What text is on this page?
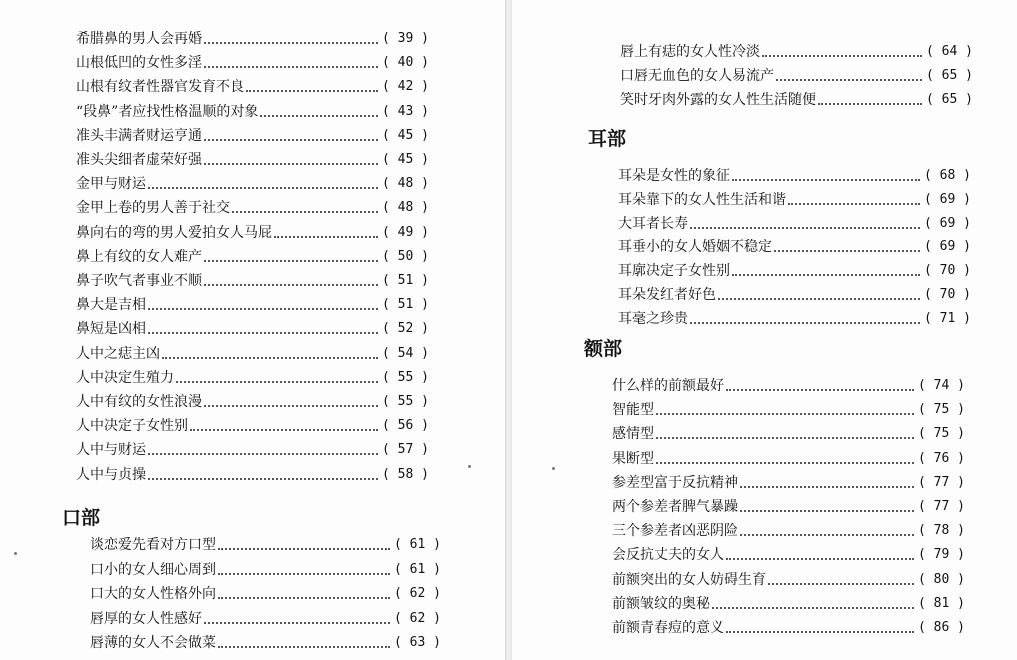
希腊鼻的男人会再婚	( 39 )
山根低凹的女性多淫	( 40 )
山根有纹者性器官发育不良	( 42 )
“段鼻”者应找性格温顺的对象	( 43 )
准头丰满者财运亨通	( 45 )
准头尖细者虚荣好强	( 45 )
金甲与财运	( 48 )
金甲上卷的男人善于社交	( 48 )
鼻向右的弯的男人爱拍女人马屁	( 49 )
鼻上有纹的女人难产	( 50 )
鼻子吹气者事业不顺	( 51 )
鼻大是吉相	( 51 )
鼻短是凶相	( 52 )
人中之痣主凶	( 54 )
人中决定生殖力	( 55 )
人中有纹的女性浪漫	( 55 )
人中决定子女性别	( 56 )
人中与财运	( 57 )
人中与贞操	( 58 )
口部
谈恋爱先看对方口型	( 61 )
口小的女人细心周到	( 61 )
口大的女人性格外向	( 62 )
唇厚的女人性感好	( 62 )
唇薄的女人不会做菜	( 63 )
唇上有痣的女人性冷淡	( 64 )
口唇无血色的女人易流产	( 65 )
笑时牙肉外露的女人性生活随便	( 65 )
耳部
耳朵是女性的象征	( 68 )
耳朵靠下的女人性生活和谐	( 69 )
大耳者长寿	( 69 )
耳垂小的女人婚姻不稳定	( 69 )
耳廓决定子女性别	( 70 )
耳朵发红者好色	( 70 )
耳毫之珍贵	( 71 )
额部
什么样的前额最好	( 74 )
智能型	( 75 )
感情型	( 75 )
果断型	( 76 )
参差型富于反抗精神	( 77 )
两个参差者脾气暴躁	( 77 )
三个参差者凶恶阴险	( 78 )
会反抗丈夫的女人	( 79 )
前额突出的女人妨碍生育	( 80 )
前额皱纹的奥秘	( 81 )
前额青春痘的意义	( 86 )
